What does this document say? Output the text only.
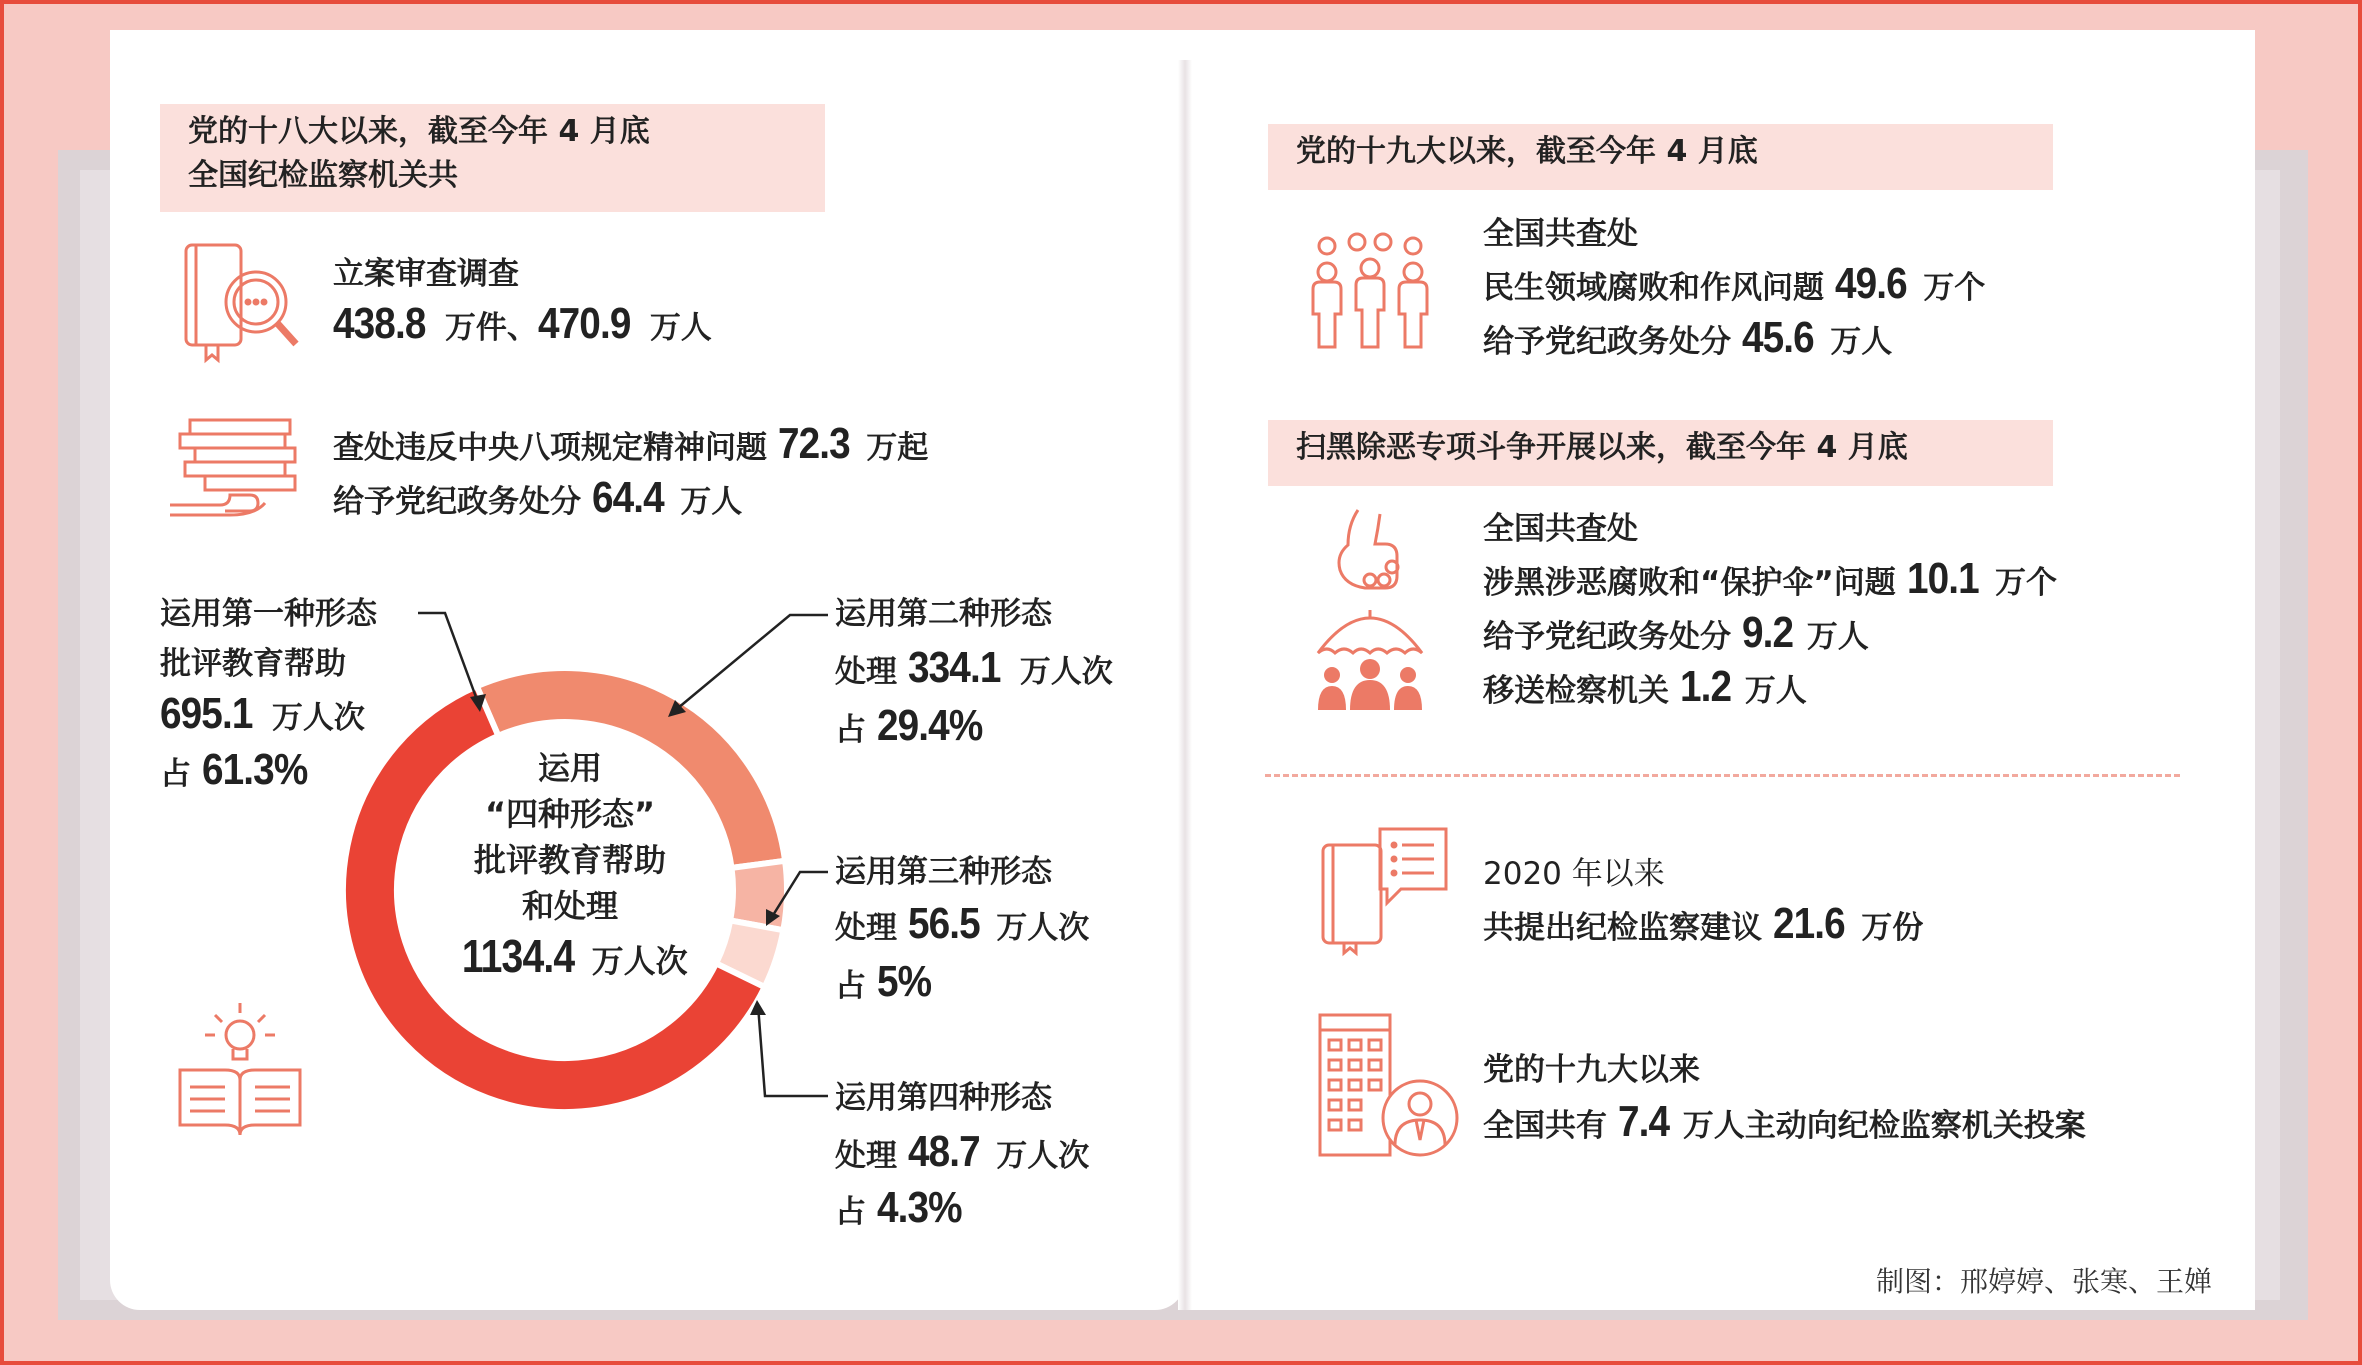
党的十八大以来，截至今年 4 月底
全国纪检监察机关共
立案审查调查
438.8 万件、470.9 万人
查处违反中央八项规定精神问题 72.3 万起
给予党纪政务处分 64.4 万人
运用
“四种形态”
批评教育帮助
和处理
1134.4 万人次
运用第一种形态
批评教育帮助
695.1 万人次
占 61.3%
运用第二种形态
处理 334.1 万人次
占 29.4%
运用第三种形态
处理 56.5 万人次
占 5%
运用第四种形态
处理 48.7 万人次
占 4.3%
党的十九大以来，截至今年 4 月底
全国共查处
民生领域腐败和作风问题 49.6 万个
给予党纪政务处分 45.6 万人
扫黑除恶专项斗争开展以来，截至今年 4 月底
全国共查处
涉黑涉恶腐败和“保护伞”问题 10.1 万个
给予党纪政务处分 9.2 万人
移送检察机关 1.2 万人
2020 年以来
共提出纪检监察建议 21.6 万份
党的十九大以来
全国共有 7.4 万人主动向纪检监察机关投案
制图：邢婷婷、张寒、王婵
